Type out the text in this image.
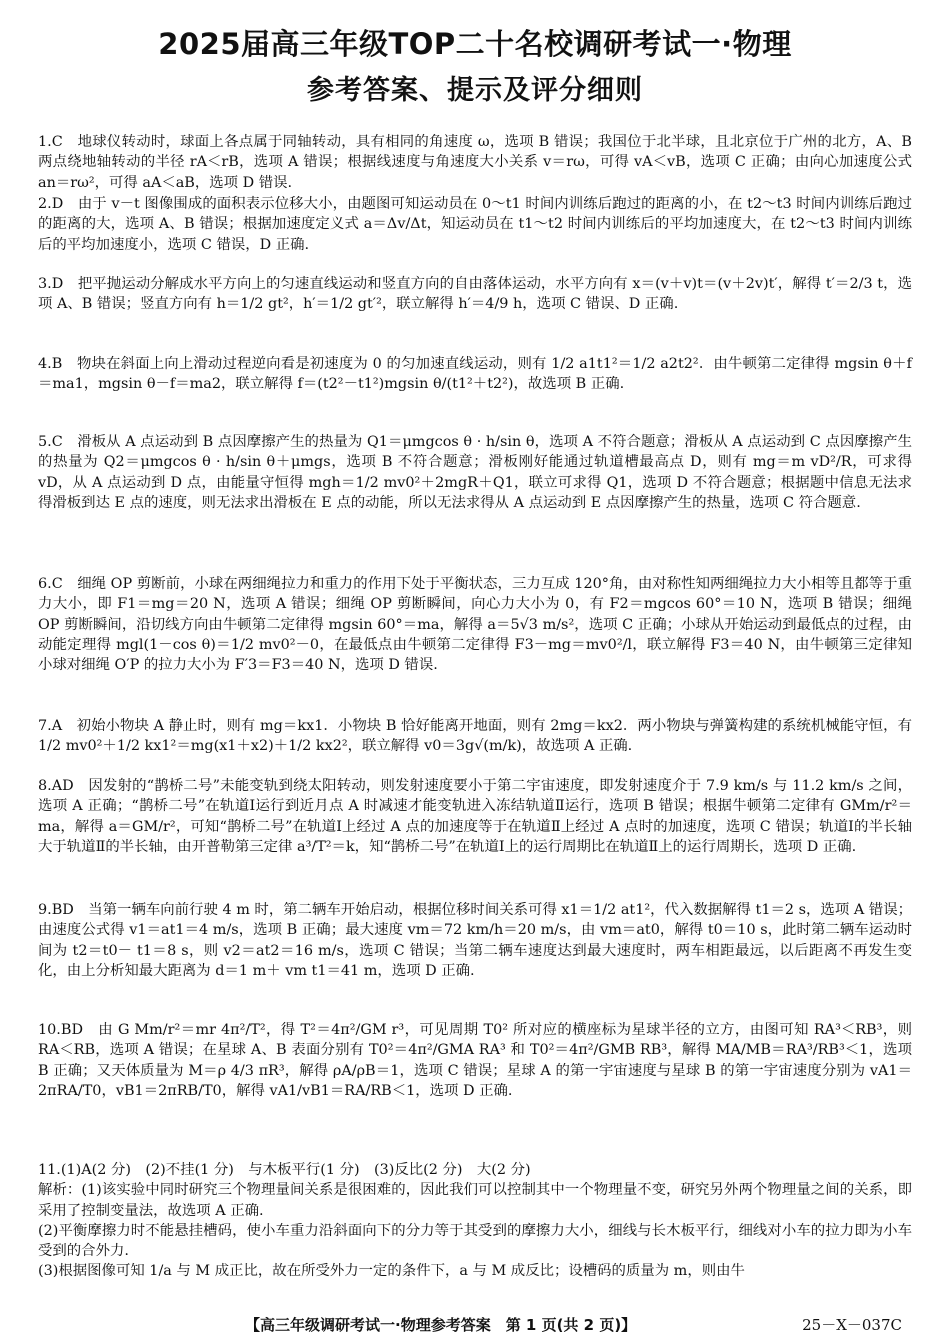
2025届高三年级TOP二十名校调研考试一·物理
参考答案、提示及评分细则

1.C　地球仪转动时，球面上各点属于同轴转动，具有相同的角速度 ω，选项 B 错误；我国位于北半球，且北京位于广州的北方，A、B 两点绕地轴转动的半径 rA＜rB，选项 A 错误；根据线速度与角速度大小关系 v＝rω，可得 vA＜vB，选项 C 正确；由向心加速度公式 an＝rω²，可得 aA＜aB，选项 D 错误.

2.D　由于 v－t 图像围成的面积表示位移大小，由题图可知运动员在 0～t1 时间内训练后跑过的距离的小，在 t2～t3 时间内训练后跑过的距离的大，选项 A、B 错误；根据加速度定义式 a＝Δv/Δt，知运动员在 t1～t2 时间内训练后的平均加速度大，在 t2～t3 时间内训练后的平均加速度小，选项 C 错误，D 正确.

3.D　把平抛运动分解成水平方向上的匀速直线运动和竖直方向的自由落体运动，水平方向有 x＝(v＋v)t＝(v＋2v)t′，解得 t′＝2/3 t，选项 A、B 错误；竖直方向有 h＝1/2 gt²，h′＝1/2 gt′²，联立解得 h′＝4/9 h，选项 C 错误、D 正确.

4.B　物块在斜面上向上滑动过程逆向看是初速度为 0 的匀加速直线运动，则有 1/2 a1t1²＝1/2 a2t2²．由牛顿第二定律得 mgsin θ＋f＝ma1，mgsin θ－f＝ma2，联立解得 f＝(t2²－t1²)mgsin θ/(t1²＋t2²)，故选项 B 正确.

5.C　滑板从 A 点运动到 B 点因摩擦产生的热量为 Q1＝μmgcos θ · h/sin θ，选项 A 不符合题意；滑板从 A 点运动到 C 点因摩擦产生的热量为 Q2＝μmgcos θ · h/sin θ＋μmgs，选项 B 不符合题意；滑板刚好能通过轨道槽最高点 D，则有 mg＝m vD²/R，可求得 vD，从 A 点运动到 D 点，由能量守恒得 mgh＝1/2 mv0²＋2mgR＋Q1，联立可求得 Q1，选项 D 不符合题意；根据题中信息无法求得滑板到达 E 点的速度，则无法求出滑板在 E 点的动能，所以无法求得从 A 点运动到 E 点因摩擦产生的热量，选项 C 符合题意.

6.C　细绳 OP 剪断前，小球在两细绳拉力和重力的作用下处于平衡状态，三力互成 120°角，由对称性知两细绳拉力大小相等且都等于重力大小，即 F1＝mg＝20 N，选项 A 错误；细绳 OP 剪断瞬间，向心力大小为 0，有 F2＝mgcos 60°＝10 N，选项 B 错误；细绳 OP 剪断瞬间，沿切线方向由牛顿第二定律得 mgsin 60°＝ma，解得 a＝5√3 m/s²，选项 C 正确；小球从开始运动到最低点的过程，由动能定理得 mgl(1－cos θ)＝1/2 mv0²－0，在最低点由牛顿第二定律得 F3－mg＝mv0²/l，联立解得 F3＝40 N，由牛顿第三定律知小球对细绳 O′P 的拉力大小为 F′3＝F3＝40 N，选项 D 错误.

7.A　初始小物块 A 静止时，则有 mg＝kx1．小物块 B 恰好能离开地面，则有 2mg＝kx2．两小物块与弹簧构建的系统机械能守恒，有 1/2 mv0²＋1/2 kx1²＝mg(x1＋x2)＋1/2 kx2²，联立解得 v0＝3g√(m/k)，故选项 A 正确.

8.AD　因发射的“鹊桥二号”未能变轨到绕太阳转动，则发射速度要小于第二宇宙速度，即发射速度介于 7.9 km/s 与 11.2 km/s 之间，选项 A 正确；“鹊桥二号”在轨道Ⅰ运行到近月点 A 时减速才能变轨进入冻结轨道Ⅱ运行，选项 B 错误；根据牛顿第二定律有 GMm/r²＝ma，解得 a＝GM/r²，可知“鹊桥二号”在轨道Ⅰ上经过 A 点的加速度等于在轨道Ⅱ上经过 A 点时的加速度，选项 C 错误；轨道Ⅰ的半长轴大于轨道Ⅱ的半长轴，由开普勒第三定律 a³/T²＝k，知“鹊桥二号”在轨道Ⅰ上的运行周期比在轨道Ⅱ上的运行周期长，选项 D 正确.

9.BD　当第一辆车向前行驶 4 m 时，第二辆车开始启动，根据位移时间关系可得 x1＝1/2 at1²，代入数据解得 t1＝2 s，选项 A 错误；由速度公式得 v1＝at1＝4 m/s，选项 B 正确；最大速度 vm＝72 km/h＝20 m/s，由 vm＝at0，解得 t0＝10 s，此时第二辆车运动时间为 t2＝t0－ t1＝8 s，则 v2＝at2＝16 m/s，选项 C 错误；当第二辆车速度达到最大速度时，两车相距最远，以后距离不再发生变化，由上分析知最大距离为 d＝1 m＋ vm t1＝41 m，选项 D 正确.

10.BD　由 G Mm/r²＝mr 4π²/T²，得 T²＝4π²/GM r³，可见周期 T0² 所对应的横座标为星球半径的立方，由图可知 RA³＜RB³，则 RA＜RB，选项 A 错误；在星球 A、B 表面分别有 T0²＝4π²/GMA RA³ 和 T0²＝4π²/GMB RB³，解得 MA/MB＝RA³/RB³＜1，选项 B 正确；又天体质量为 M＝ρ 4/3 πR³，解得 ρA/ρB＝1，选项 C 错误；星球 A 的第一宇宙速度与星球 B 的第一宇宙速度分别为 vA1＝2πRA/T0，vB1＝2πRB/T0，解得 vA1/vB1＝RA/RB＜1，选项 D 正确.

11.(1)A(2 分)　(2)不挂(1 分)　与木板平行(1 分)　(3)反比(2 分)　大(2 分)

解析：(1)该实验中同时研究三个物理量间关系是很困难的，因此我们可以控制其中一个物理量不变，研究另外两个物理量之间的关系，即采用了控制变量法，故选项 A 正确.

(2)平衡摩擦力时不能悬挂槽码，使小车重力沿斜面向下的分力等于其受到的摩擦力大小，细线与长木板平行，细线对小车的拉力即为小车受到的合外力.

(3)根据图像可知 1/a 与 M 成正比，故在所受外力一定的条件下，a 与 M 成反比；设槽码的质量为 m，则由牛

【高三年级调研考试一·物理参考答案　第 1 页(共 2 页)】	25－X－037C
